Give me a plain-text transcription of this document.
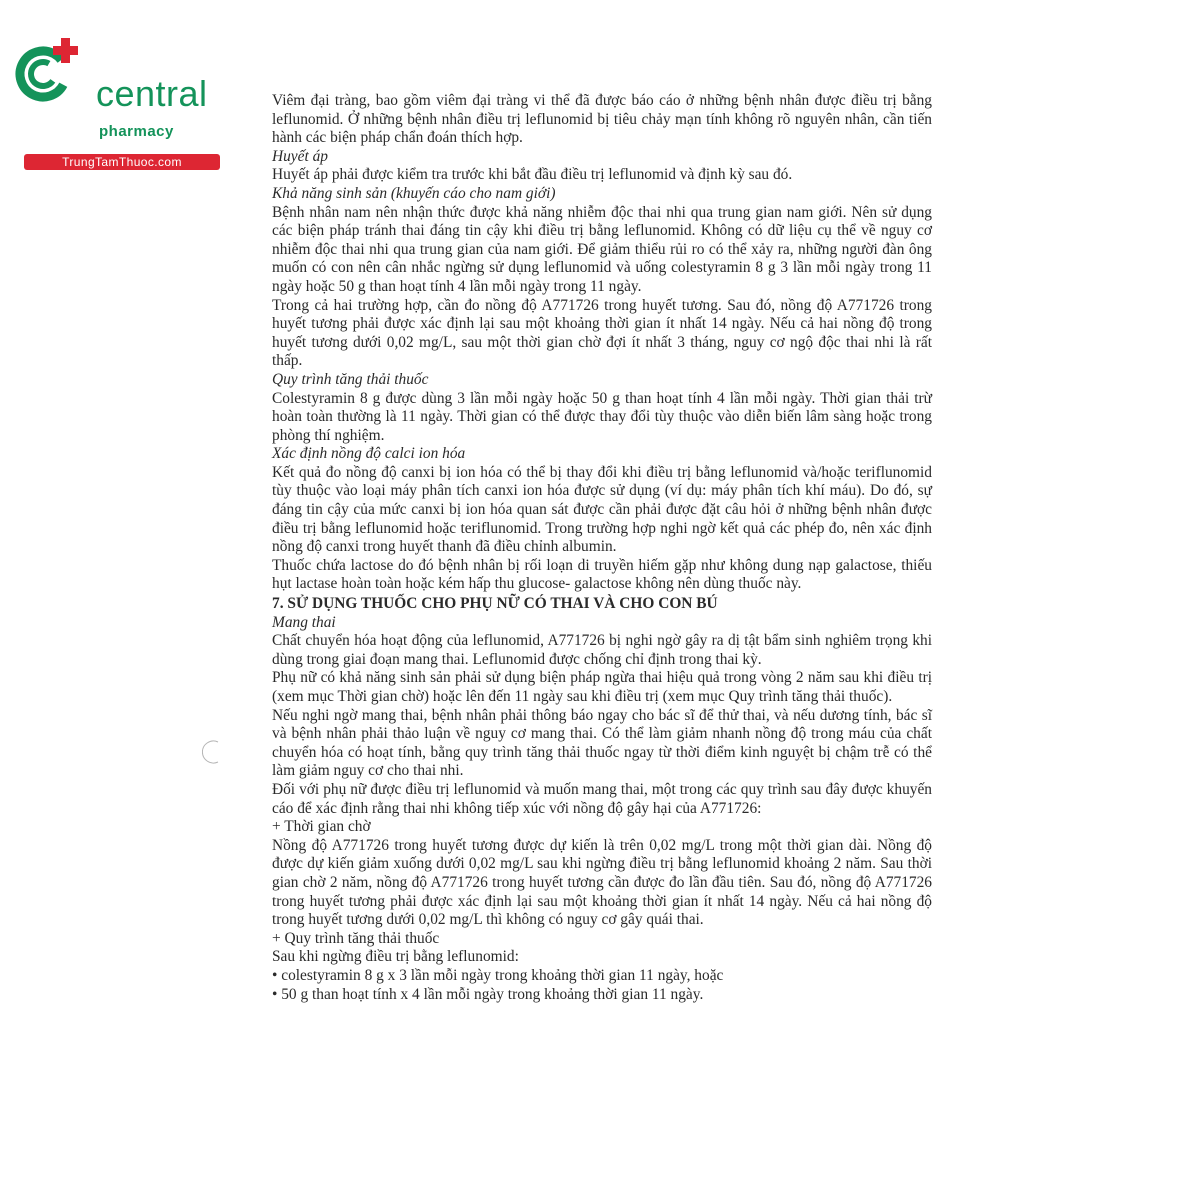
central
pharmacy
TrungTamThuoc.com

Viêm đại tràng, bao gồm viêm đại tràng vi thể đã được báo cáo ở những bệnh nhân được điều trị bằng leflunomid. Ở những bệnh nhân điều trị leflunomid bị tiêu chảy mạn tính không rõ nguyên nhân, cần tiến hành các biện pháp chẩn đoán thích hợp.

Huyết áp

Huyết áp phải được kiểm tra trước khi bắt đầu điều trị leflunomid và định kỳ sau đó.

Khả năng sinh sản (khuyến cáo cho nam giới)

Bệnh nhân nam nên nhận thức được khả năng nhiễm độc thai nhi qua trung gian nam giới. Nên sử dụng các biện pháp tránh thai đáng tin cậy khi điều trị bằng leflunomid. Không có dữ liệu cụ thể về nguy cơ nhiễm độc thai nhi qua trung gian của nam giới. Để giảm thiểu rủi ro có thể xảy ra, những người đàn ông muốn có con nên cân nhắc ngừng sử dụng leflunomid và uống colestyramin 8 g 3 lần mỗi ngày trong 11 ngày hoặc 50 g than hoạt tính 4 lần mỗi ngày trong 11 ngày.

Trong cả hai trường hợp, cần đo nồng độ A771726 trong huyết tương. Sau đó, nồng độ A771726 trong huyết tương phải được xác định lại sau một khoảng thời gian ít nhất 14 ngày. Nếu cả hai nồng độ trong huyết tương dưới 0,02 mg/L, sau một thời gian chờ đợi ít nhất 3 tháng, nguy cơ ngộ độc thai nhi là rất thấp.

Quy trình tăng thải thuốc

Colestyramin 8 g được dùng 3 lần mỗi ngày hoặc 50 g than hoạt tính 4 lần mỗi ngày. Thời gian thải trừ hoàn toàn thường là 11 ngày. Thời gian có thể được thay đổi tùy thuộc vào diễn biến lâm sàng hoặc trong phòng thí nghiệm.

Xác định nồng độ calci ion hóa

Kết quả đo nồng độ canxi bị ion hóa có thể bị thay đổi khi điều trị bằng leflunomid và/hoặc teriflunomid tùy thuộc vào loại máy phân tích canxi ion hóa được sử dụng (ví dụ: máy phân tích khí máu). Do đó, sự đáng tin cậy của mức canxi bị ion hóa quan sát được cần phải được đặt câu hỏi ở những bệnh nhân được điều trị bằng leflunomid hoặc teriflunomid. Trong trường hợp nghi ngờ kết quả các phép đo, nên xác định nồng độ canxi trong huyết thanh đã điều chỉnh albumin.

Thuốc chứa lactose do đó bệnh nhân bị rối loạn di truyền hiếm gặp như không dung nạp galactose, thiếu hụt lactase hoàn toàn hoặc kém hấp thu glucose- galactose không nên dùng thuốc này.

7. SỬ DỤNG THUỐC CHO PHỤ NỮ CÓ THAI VÀ CHO CON BÚ

Mang thai

Chất chuyển hóa hoạt động của leflunomid, A771726 bị nghi ngờ gây ra dị tật bẩm sinh nghiêm trọng khi dùng trong giai đoạn mang thai. Leflunomid được chống chỉ định trong thai kỳ.

Phụ nữ có khả năng sinh sản phải sử dụng biện pháp ngừa thai hiệu quả trong vòng 2 năm sau khi điều trị (xem mục Thời gian chờ) hoặc lên đến 11 ngày sau khi điều trị (xem mục Quy trình tăng thải thuốc).

Nếu nghi ngờ mang thai, bệnh nhân phải thông báo ngay cho bác sĩ để thử thai, và nếu dương tính, bác sĩ và bệnh nhân phải thảo luận về nguy cơ mang thai. Có thể làm giảm nhanh nồng độ trong máu của chất chuyển hóa có hoạt tính, bằng quy trình tăng thải thuốc ngay từ thời điểm kinh nguyệt bị chậm trễ có thể làm giảm nguy cơ cho thai nhi.

Đối với phụ nữ được điều trị leflunomid và muốn mang thai, một trong các quy trình sau đây được khuyến cáo để xác định rằng thai nhi không tiếp xúc với nồng độ gây hại của A771726:

+ Thời gian chờ

Nồng độ A771726 trong huyết tương được dự kiến là trên 0,02 mg/L trong một thời gian dài. Nồng độ được dự kiến giảm xuống dưới 0,02 mg/L sau khi ngừng điều trị bằng leflunomid khoảng 2 năm. Sau thời gian chờ 2 năm, nồng độ A771726 trong huyết tương cần được đo lần đầu tiên. Sau đó, nồng độ A771726 trong huyết tương phải được xác định lại sau một khoảng thời gian ít nhất 14 ngày. Nếu cả hai nồng độ trong huyết tương dưới 0,02 mg/L thì không có nguy cơ gây quái thai.

+ Quy trình tăng thải thuốc

Sau khi ngừng điều trị bằng leflunomid:

• colestyramin 8 g x 3 lần mỗi ngày trong khoảng thời gian 11 ngày, hoặc

• 50 g than hoạt tính x 4 lần mỗi ngày trong khoảng thời gian 11 ngày.
